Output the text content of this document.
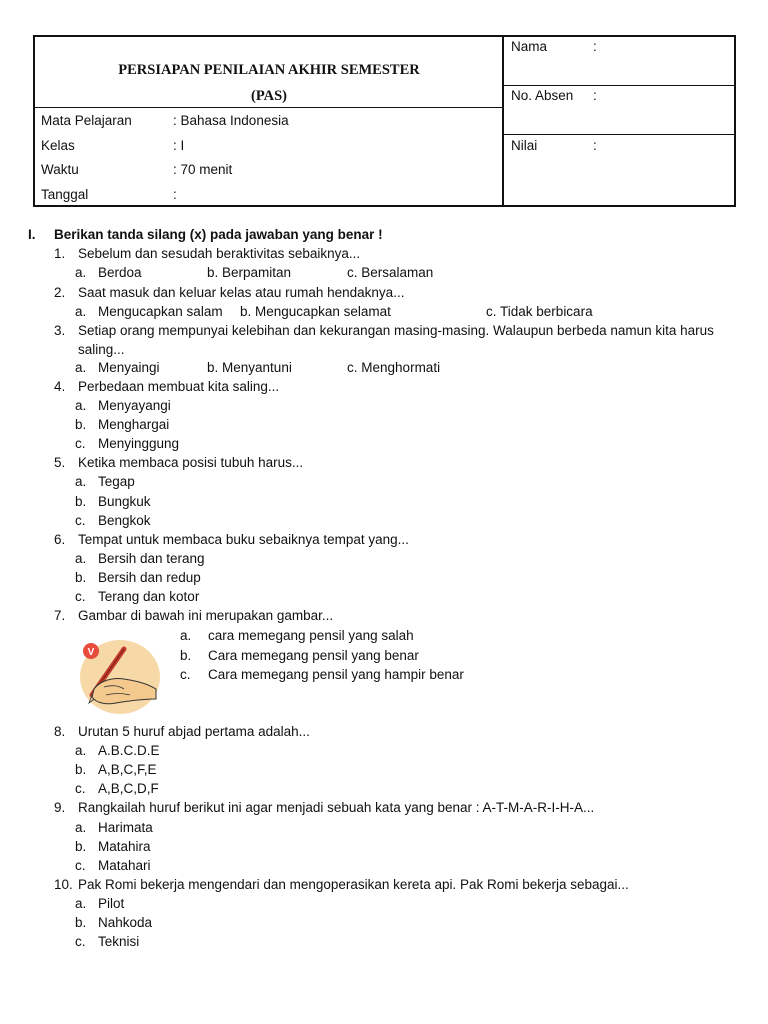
PERSIAPAN PENILAIAN AKHIR SEMESTER
(PAS)
Mata Pelajaran	: Bahasa Indonesia
Kelas	: I
Waktu	: 70 menit
Tanggal	:
Nama	:
No. Absen :
Nilai	:
I. Berikan tanda silang (x) pada jawaban yang benar !
1. Sebelum dan sesudah beraktivitas sebaiknya...
a. Berdoa	b. Berpamitan	c. Bersalaman
2. Saat masuk dan keluar kelas atau rumah hendaknya...
a. Mengucapkan salam b. Mengucapkan selamat	c. Tidak berbicara
3. Setiap orang mempunyai kelebihan dan kekurangan masing-masing. Walaupun berbeda namun kita harus
saling...
a. Menyaingi	b. Menyantuni	c. Menghormati
4. Perbedaan membuat kita saling...
a. Menyayangi
b. Menghargai
c. Menyinggung
5. Ketika membaca posisi tubuh harus...
a. Tegap
b. Bungkuk
c. Bengkok
6. Tempat untuk membaca buku sebaiknya tempat yang...
a. Bersih dan terang
b. Bersih dan redup
c. Terang dan kotor
7. Gambar di bawah ini merupakan gambar...
a. cara memegang pensil yang salah
b. Cara memegang pensil yang benar
c. Cara memegang pensil yang hampir benar
V
8. Urutan 5 huruf abjad pertama adalah...
a. A.B.C.D.E
b. A,B,C,F,E
c. A,B,C,D,F
9. Rangkailah huruf berikut ini agar menjadi sebuah kata yang benar : A-T-M-A-R-I-H-A...
a. Harimata
b. Matahira
c. Matahari
10. Pak Romi bekerja mengendari dan mengoperasikan kereta api. Pak Romi bekerja sebagai...
a. Pilot
b. Nahkoda
c. Teknisi
